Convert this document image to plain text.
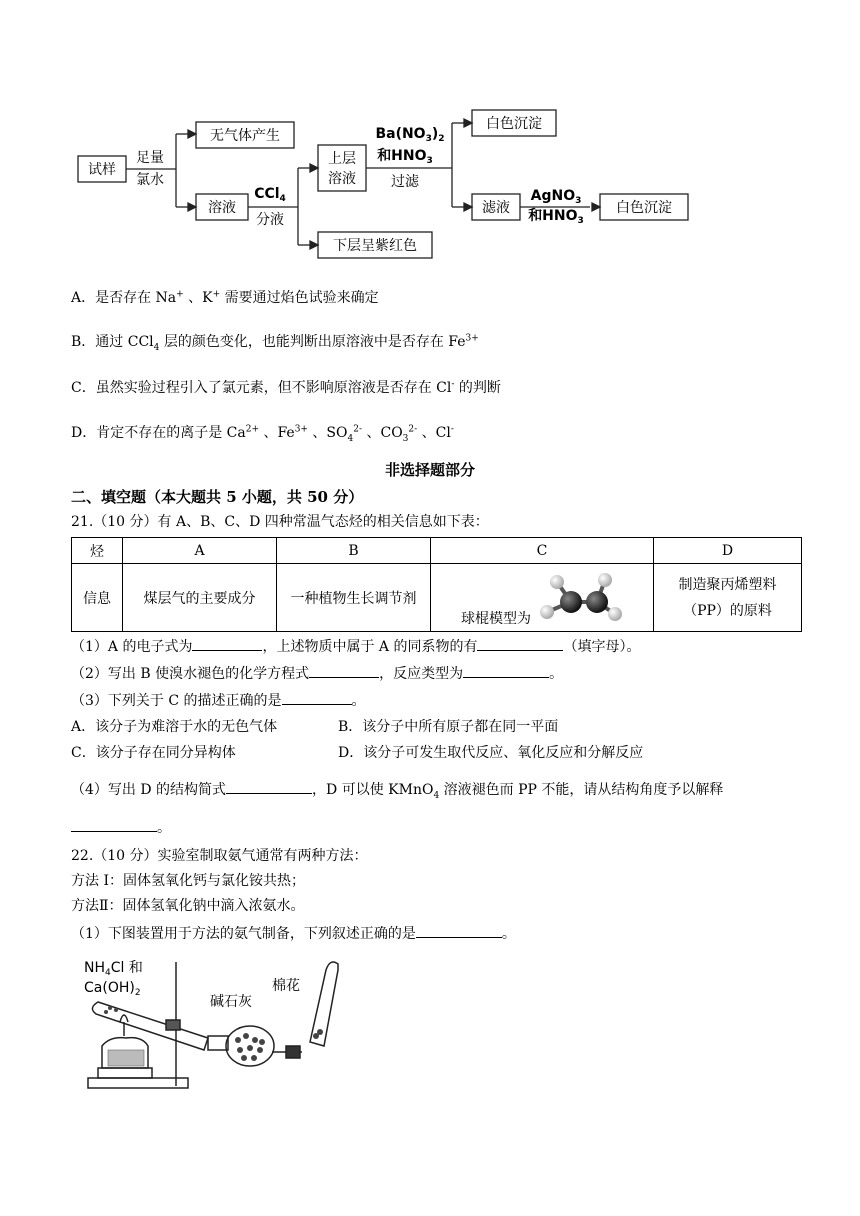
试样
足量
氯水
无气体产生
溶液
CCl$_4$
分液
上层
溶液
下层呈紫红色
$Ba(NO_3)_2$
和$HNO_3$
过滤
白色沉淀
滤液
AgNO$_3$
和$HNO_3$
白色沉淀
A．是否存在 Na+ 、K+ 需要通过焰色试验来确定
B．通过 CCl$_4$ 层的颜色变化，也能判断出原溶液中是否存在 $Fe^{3+}$
C．虽然实验过程引入了氯元素，但不影响原溶液是否存在 Cl- 的判断
D．肯定不存在的离子是 $Ca^{2+}$ 、$Fe^{3+}$ 、$SO_4^{2-}$ 、$CO_3^{2-}$ 、Cl-
非选择题部分
二、填空题（本大题共 5 小题，共 50 分）
21.（10 分）有 A、B、C、D 四种常温气态烃的相关信息如下表：
烃	A	B	C	D
信息	煤层气的主要成分	一种植物生长调节剂	球棍模型为	制造聚丙烯塑料
（PP）的原料
（1）A 的电子式为	，上述物质中属于 A 的同系物的有	（填字母）。
（2）写出 B 使溴水褪色的化学方程式	，反应类型为	。
（3）下列关于 C 的描述正确的是	。
A．该分子为难溶于水的无色气体	B．该分子中所有原子都在同一平面
C．该分子存在同分异构体	D．该分子可发生取代反应、氧化反应和分解反应
（4）写出 D 的结构简式	，D 可以使 KMnO$_4$ 溶液褪色而 PP 不能，请从结构角度予以解释
。
22.（10 分）实验室制取氨气通常有两种方法：
方法 I：固体氢氧化钙与氯化铵共热；
方法Ⅱ：固体氢氧化钠中滴入浓氨水。
（1）下图装置用于方法的氨气制备，下列叙述正确的是	。
$NH_4Cl$ 和
$Ca(OH)_2$
碱石灰
棉花
